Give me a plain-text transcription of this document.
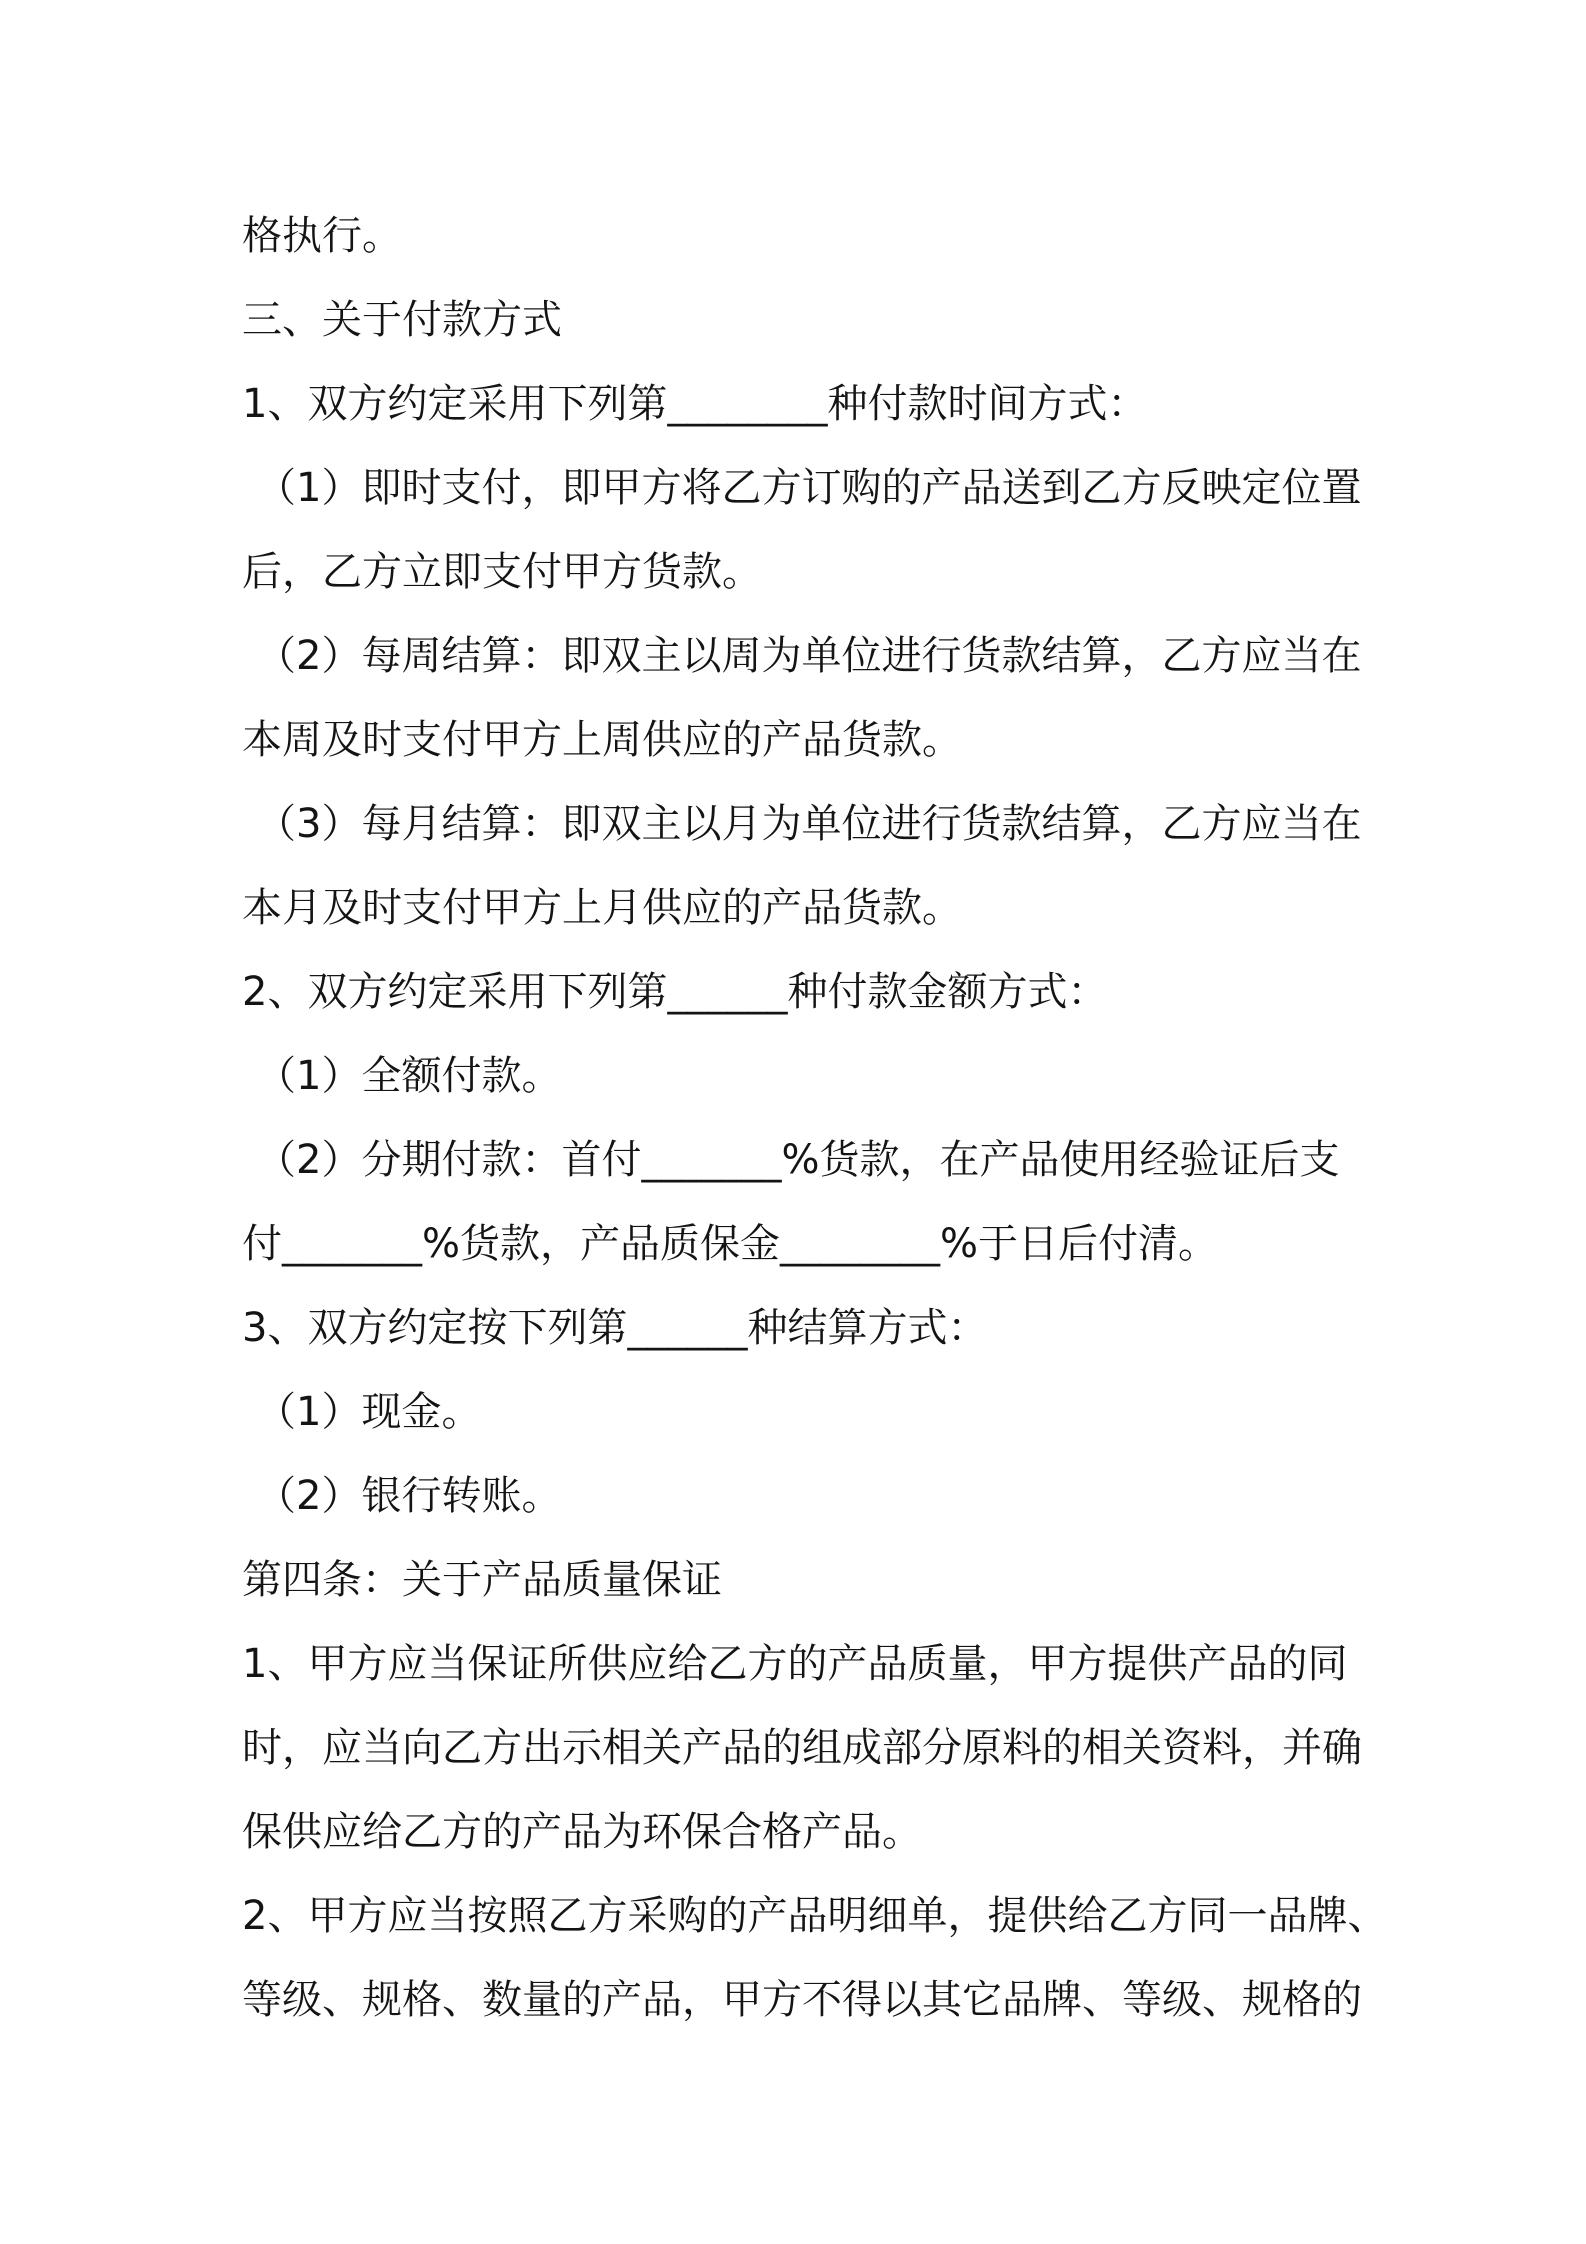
格执行。

三、关于付款方式

1、双方约定采用下列第________种付款时间方式：

（1）即时支付，即甲方将乙方订购的产品送到乙方反映定位置

后，乙方立即支付甲方货款。

（2）每周结算：即双主以周为单位进行货款结算，乙方应当在

本周及时支付甲方上周供应的产品货款。

（3）每月结算：即双主以月为单位进行货款结算，乙方应当在

本月及时支付甲方上月供应的产品货款。

2、双方约定采用下列第______种付款金额方式：

（1）全额付款。

（2）分期付款：首付_______%货款，在产品使用经验证后支

付_______%货款，产品质保金________%于日后付清。

3、双方约定按下列第______种结算方式：

（1）现金。

（2）银行转账。

第四条：关于产品质量保证

1、甲方应当保证所供应给乙方的产品质量，甲方提供产品的同

时，应当向乙方出示相关产品的组成部分原料的相关资料，并确

保供应给乙方的产品为环保合格产品。

2、甲方应当按照乙方采购的产品明细单，提供给乙方同一品牌、

等级、规格、数量的产品，甲方不得以其它品牌、等级、规格的
